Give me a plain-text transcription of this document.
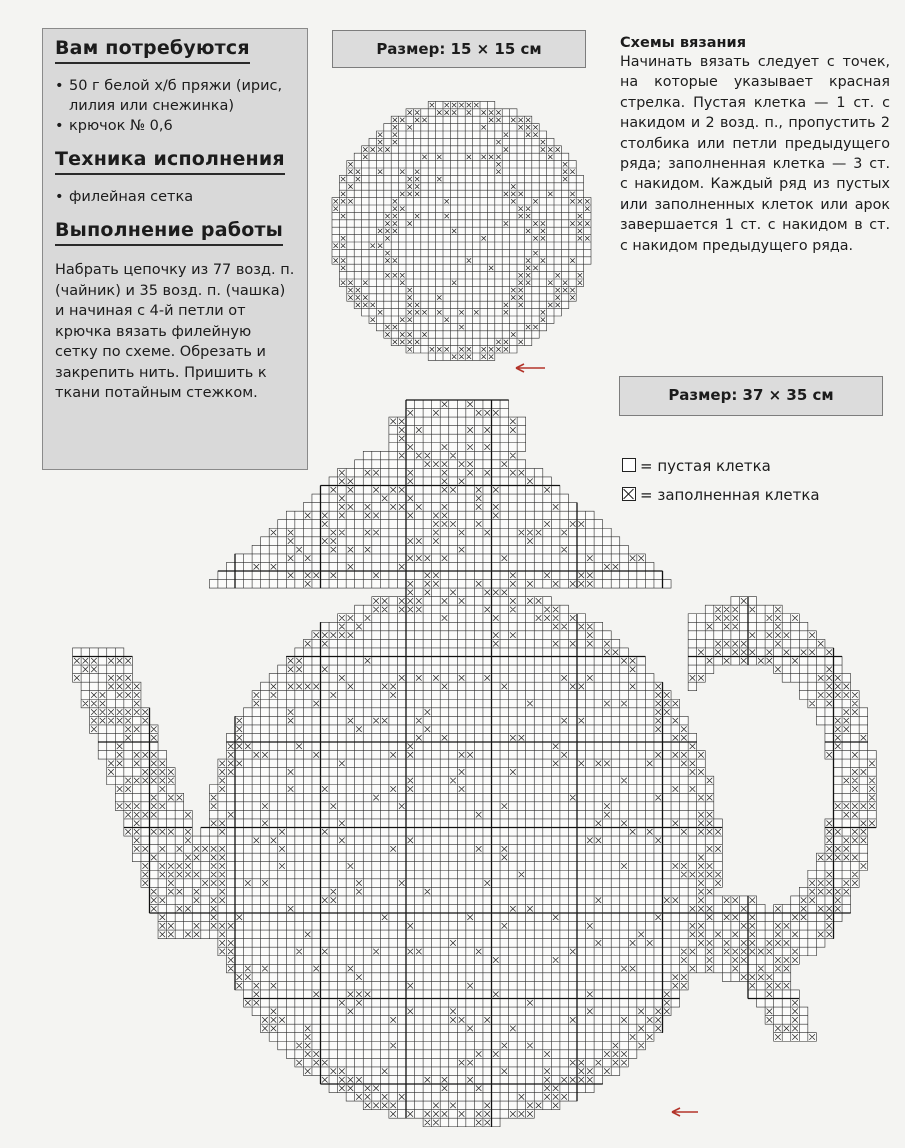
Вам потребуются
• 50 г белой х/б пряжи (ирис, лилия или снежинка)
• крючок № 0,6
Техника исполнения
• филейная сетка
Выполнение работы

Набрать цепочку из 77 возд. п. (чайник) и 35 возд. п. (чашка) и начиная с 4-й петли от крючка вязать филейную сетку по схеме. Обрезать и закрепить нить. Пришить к ткани потайным стежком.

Размер: 15 × 15 см
Размер: 37 × 35 см
Схемы вязания

Начинать вязать следует с точек, на которые указывает красная стрелка. Пустая клетка — 1 ст. с накидом и 2 возд. п., пропустить 2 столбика или петли предыдущего ряда; заполненная клетка — 3 ст. с накидом. Каждый ряд из пустых или заполненных клеток или арок завершается 1 ст. с накидом в ст. с накидом предыдущего ряда.

= пустая клетка
= заполненная клетка
